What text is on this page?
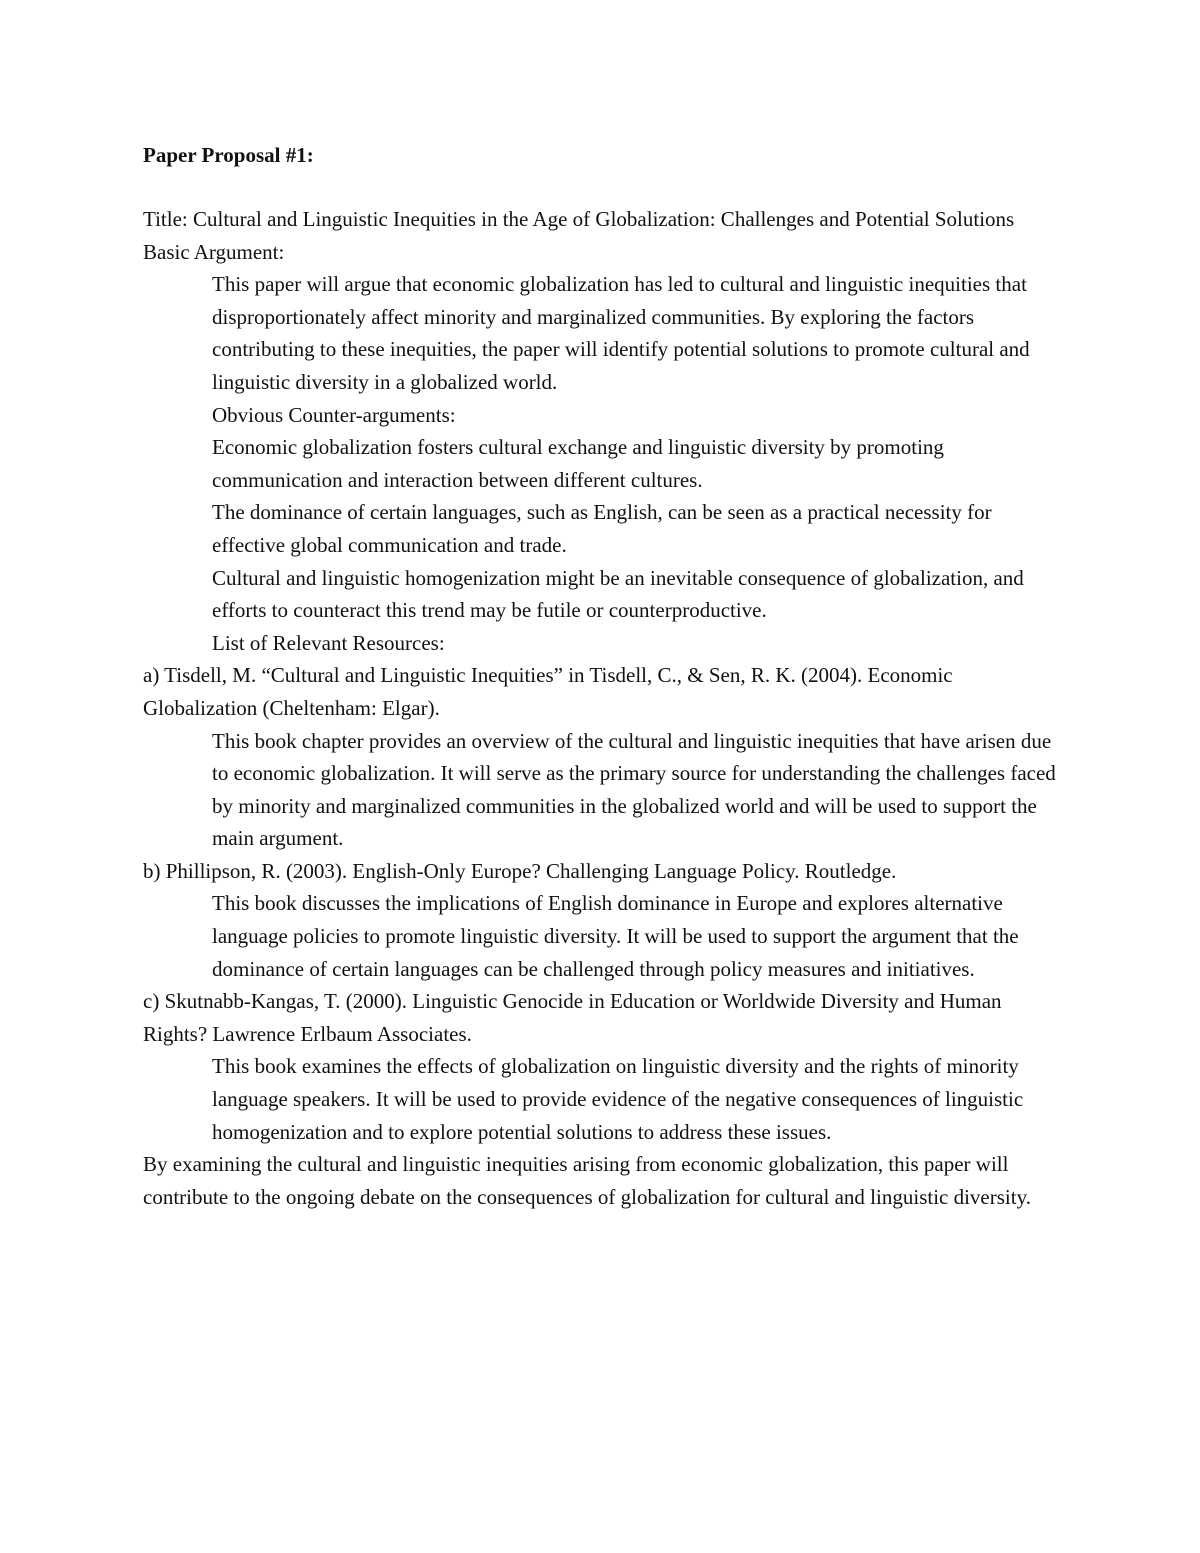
Paper Proposal #1:

Title: Cultural and Linguistic Inequities in the Age of Globalization: Challenges and Potential Solutions

Basic Argument:

This paper will argue that economic globalization has led to cultural and linguistic inequities that disproportionately affect minority and marginalized communities. By exploring the factors contributing to these inequities, the paper will identify potential solutions to promote cultural and linguistic diversity in a globalized world.

Obvious Counter-arguments:

Economic globalization fosters cultural exchange and linguistic diversity by promoting communication and interaction between different cultures.

The dominance of certain languages, such as English, can be seen as a practical necessity for effective global communication and trade.

Cultural and linguistic homogenization might be an inevitable consequence of globalization, and efforts to counteract this trend may be futile or counterproductive.

List of Relevant Resources:

a) Tisdell, M. “Cultural and Linguistic Inequities” in Tisdell, C., & Sen, R. K. (2004). Economic Globalization (Cheltenham: Elgar).

This book chapter provides an overview of the cultural and linguistic inequities that have arisen due to economic globalization. It will serve as the primary source for understanding the challenges faced by minority and marginalized communities in the globalized world and will be used to support the main argument.

b) Phillipson, R. (2003). English-Only Europe? Challenging Language Policy. Routledge.

This book discusses the implications of English dominance in Europe and explores alternative language policies to promote linguistic diversity. It will be used to support the argument that the dominance of certain languages can be challenged through policy measures and initiatives.

c) Skutnabb-Kangas, T. (2000). Linguistic Genocide in Education or Worldwide Diversity and Human Rights? Lawrence Erlbaum Associates.

This book examines the effects of globalization on linguistic diversity and the rights of minority language speakers. It will be used to provide evidence of the negative consequences of linguistic homogenization and to explore potential solutions to address these issues.

By examining the cultural and linguistic inequities arising from economic globalization, this paper will contribute to the ongoing debate on the consequences of globalization for cultural and linguistic diversity.
